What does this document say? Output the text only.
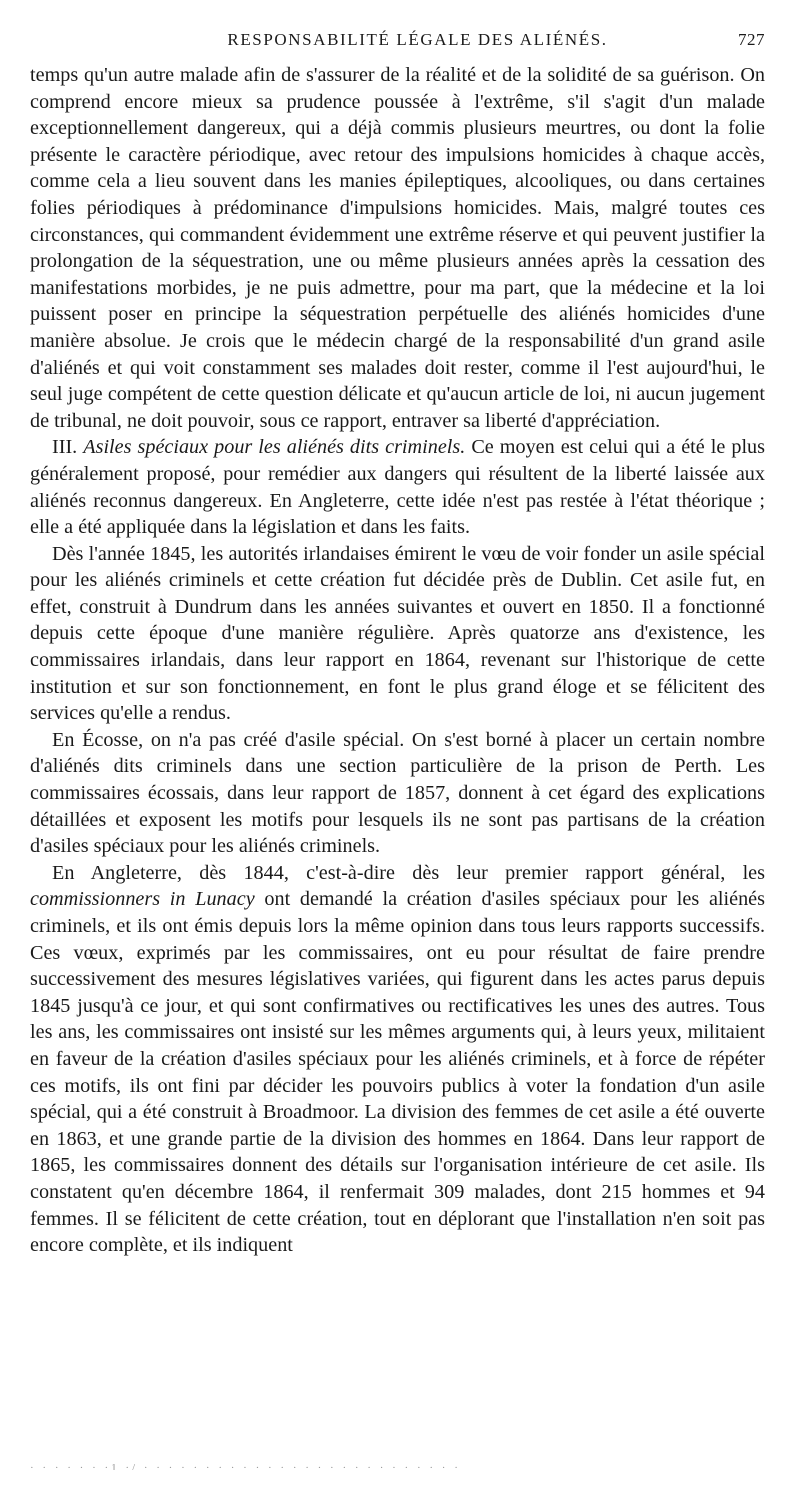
RESPONSABILITÉ LÉGALE DES ALIÉNÉS.	727

temps qu'un autre malade afin de s'assurer de la réalité et de la solidité de sa guérison. On comprend encore mieux sa prudence poussée à l'extrême, s'il s'agit d'un malade exceptionnellement dangereux, qui a déjà commis plusieurs meurtres, ou dont la folie présente le caractère périodique, avec retour des impulsions homicides à chaque accès, comme cela a lieu souvent dans les manies épileptiques, alcooliques, ou dans certaines folies périodiques à prédominance d'impulsions homicides. Mais, malgré toutes ces circonstances, qui commandent évidemment une extrême réserve et qui peuvent justifier la prolongation de la séquestration, une ou même plusieurs années après la cessation des manifestations morbides, je ne puis admettre, pour ma part, que la médecine et la loi puissent poser en principe la séquestration perpétuelle des aliénés homicides d'une manière absolue. Je crois que le médecin chargé de la responsabilité d'un grand asile d'aliénés et qui voit constamment ses malades doit rester, comme il l'est aujourd'hui, le seul juge compétent de cette question délicate et qu'aucun article de loi, ni aucun jugement de tribunal, ne doit pouvoir, sous ce rapport, entraver sa liberté d'appréciation.

III. Asiles spéciaux pour les aliénés dits criminels. Ce moyen est celui qui a été le plus généralement proposé, pour remédier aux dangers qui résultent de la liberté laissée aux aliénés reconnus dangereux. En Angleterre, cette idée n'est pas restée à l'état théorique ; elle a été appliquée dans la législation et dans les faits.

Dès l'année 1845, les autorités irlandaises émirent le vœu de voir fonder un asile spécial pour les aliénés criminels et cette création fut décidée près de Dublin. Cet asile fut, en effet, construit à Dundrum dans les années suivantes et ouvert en 1850. Il a fonctionné depuis cette époque d'une manière régulière. Après quatorze ans d'existence, les commissaires irlandais, dans leur rapport en 1864, revenant sur l'historique de cette institution et sur son fonctionnement, en font le plus grand éloge et se félicitent des services qu'elle a rendus.

En Écosse, on n'a pas créé d'asile spécial. On s'est borné à placer un certain nombre d'aliénés dits criminels dans une section particulière de la prison de Perth. Les commissaires écossais, dans leur rapport de 1857, donnent à cet égard des explications détaillées et exposent les motifs pour lesquels ils ne sont pas partisans de la création d'asiles spéciaux pour les aliénés criminels.

En Angleterre, dès 1844, c'est-à-dire dès leur premier rapport général, les commissionners in Lunacy ont demandé la création d'asiles spéciaux pour les aliénés criminels, et ils ont émis depuis lors la même opinion dans tous leurs rapports successifs. Ces vœux, exprimés par les commissaires, ont eu pour résultat de faire prendre successivement des mesures législatives variées, qui figurent dans les actes parus depuis 1845 jusqu'à ce jour, et qui sont confirmatives ou rectificatives les unes des autres. Tous les ans, les commissaires ont insisté sur les mêmes arguments qui, à leurs yeux, militaient en faveur de la création d'asiles spéciaux pour les aliénés criminels, et à force de répéter ces motifs, ils ont fini par décider les pouvoirs publics à voter la fondation d'un asile spécial, qui a été construit à Broadmoor. La division des femmes de cet asile a été ouverte en 1863, et une grande partie de la division des hommes en 1864. Dans leur rapport de 1865, les commissaires donnent des détails sur l'organisation intérieure de cet asile. Ils constatent qu'en décembre 1864, il renfermait 309 malades, dont 215 hommes et 94 femmes. Il se félicitent de cette création, tout en déplorant que l'installation n'en soit pas encore complète, et ils indiquent

· · · · · · ·1 ·/ · · · · · · · · · · · · · · · · · · · · · · · · · ·
